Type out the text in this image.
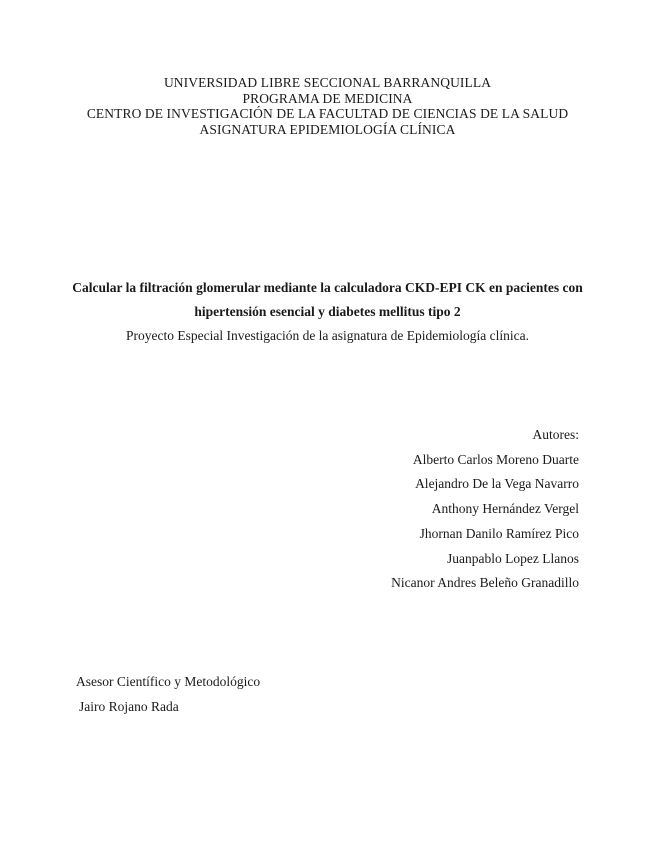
UNIVERSIDAD LIBRE SECCIONAL BARRANQUILLA
PROGRAMA DE MEDICINA
CENTRO DE INVESTIGACIÓN DE LA FACULTAD DE CIENCIAS DE LA SALUD
ASIGNATURA EPIDEMIOLOGÍA CLÍNICA
Calcular la filtración glomerular mediante la calculadora CKD-EPI CK en pacientes con
hipertensión esencial y diabetes mellitus tipo 2
Proyecto Especial Investigación de la asignatura de Epidemiología clínica.
Autores:
Alberto Carlos Moreno Duarte
Alejandro De la Vega Navarro
Anthony Hernández Vergel
Jhornan Danilo Ramírez Pico
Juanpablo Lopez Llanos
Nicanor Andres Beleño Granadillo
Asesor Científico y Metodológico
Jairo Rojano Rada
